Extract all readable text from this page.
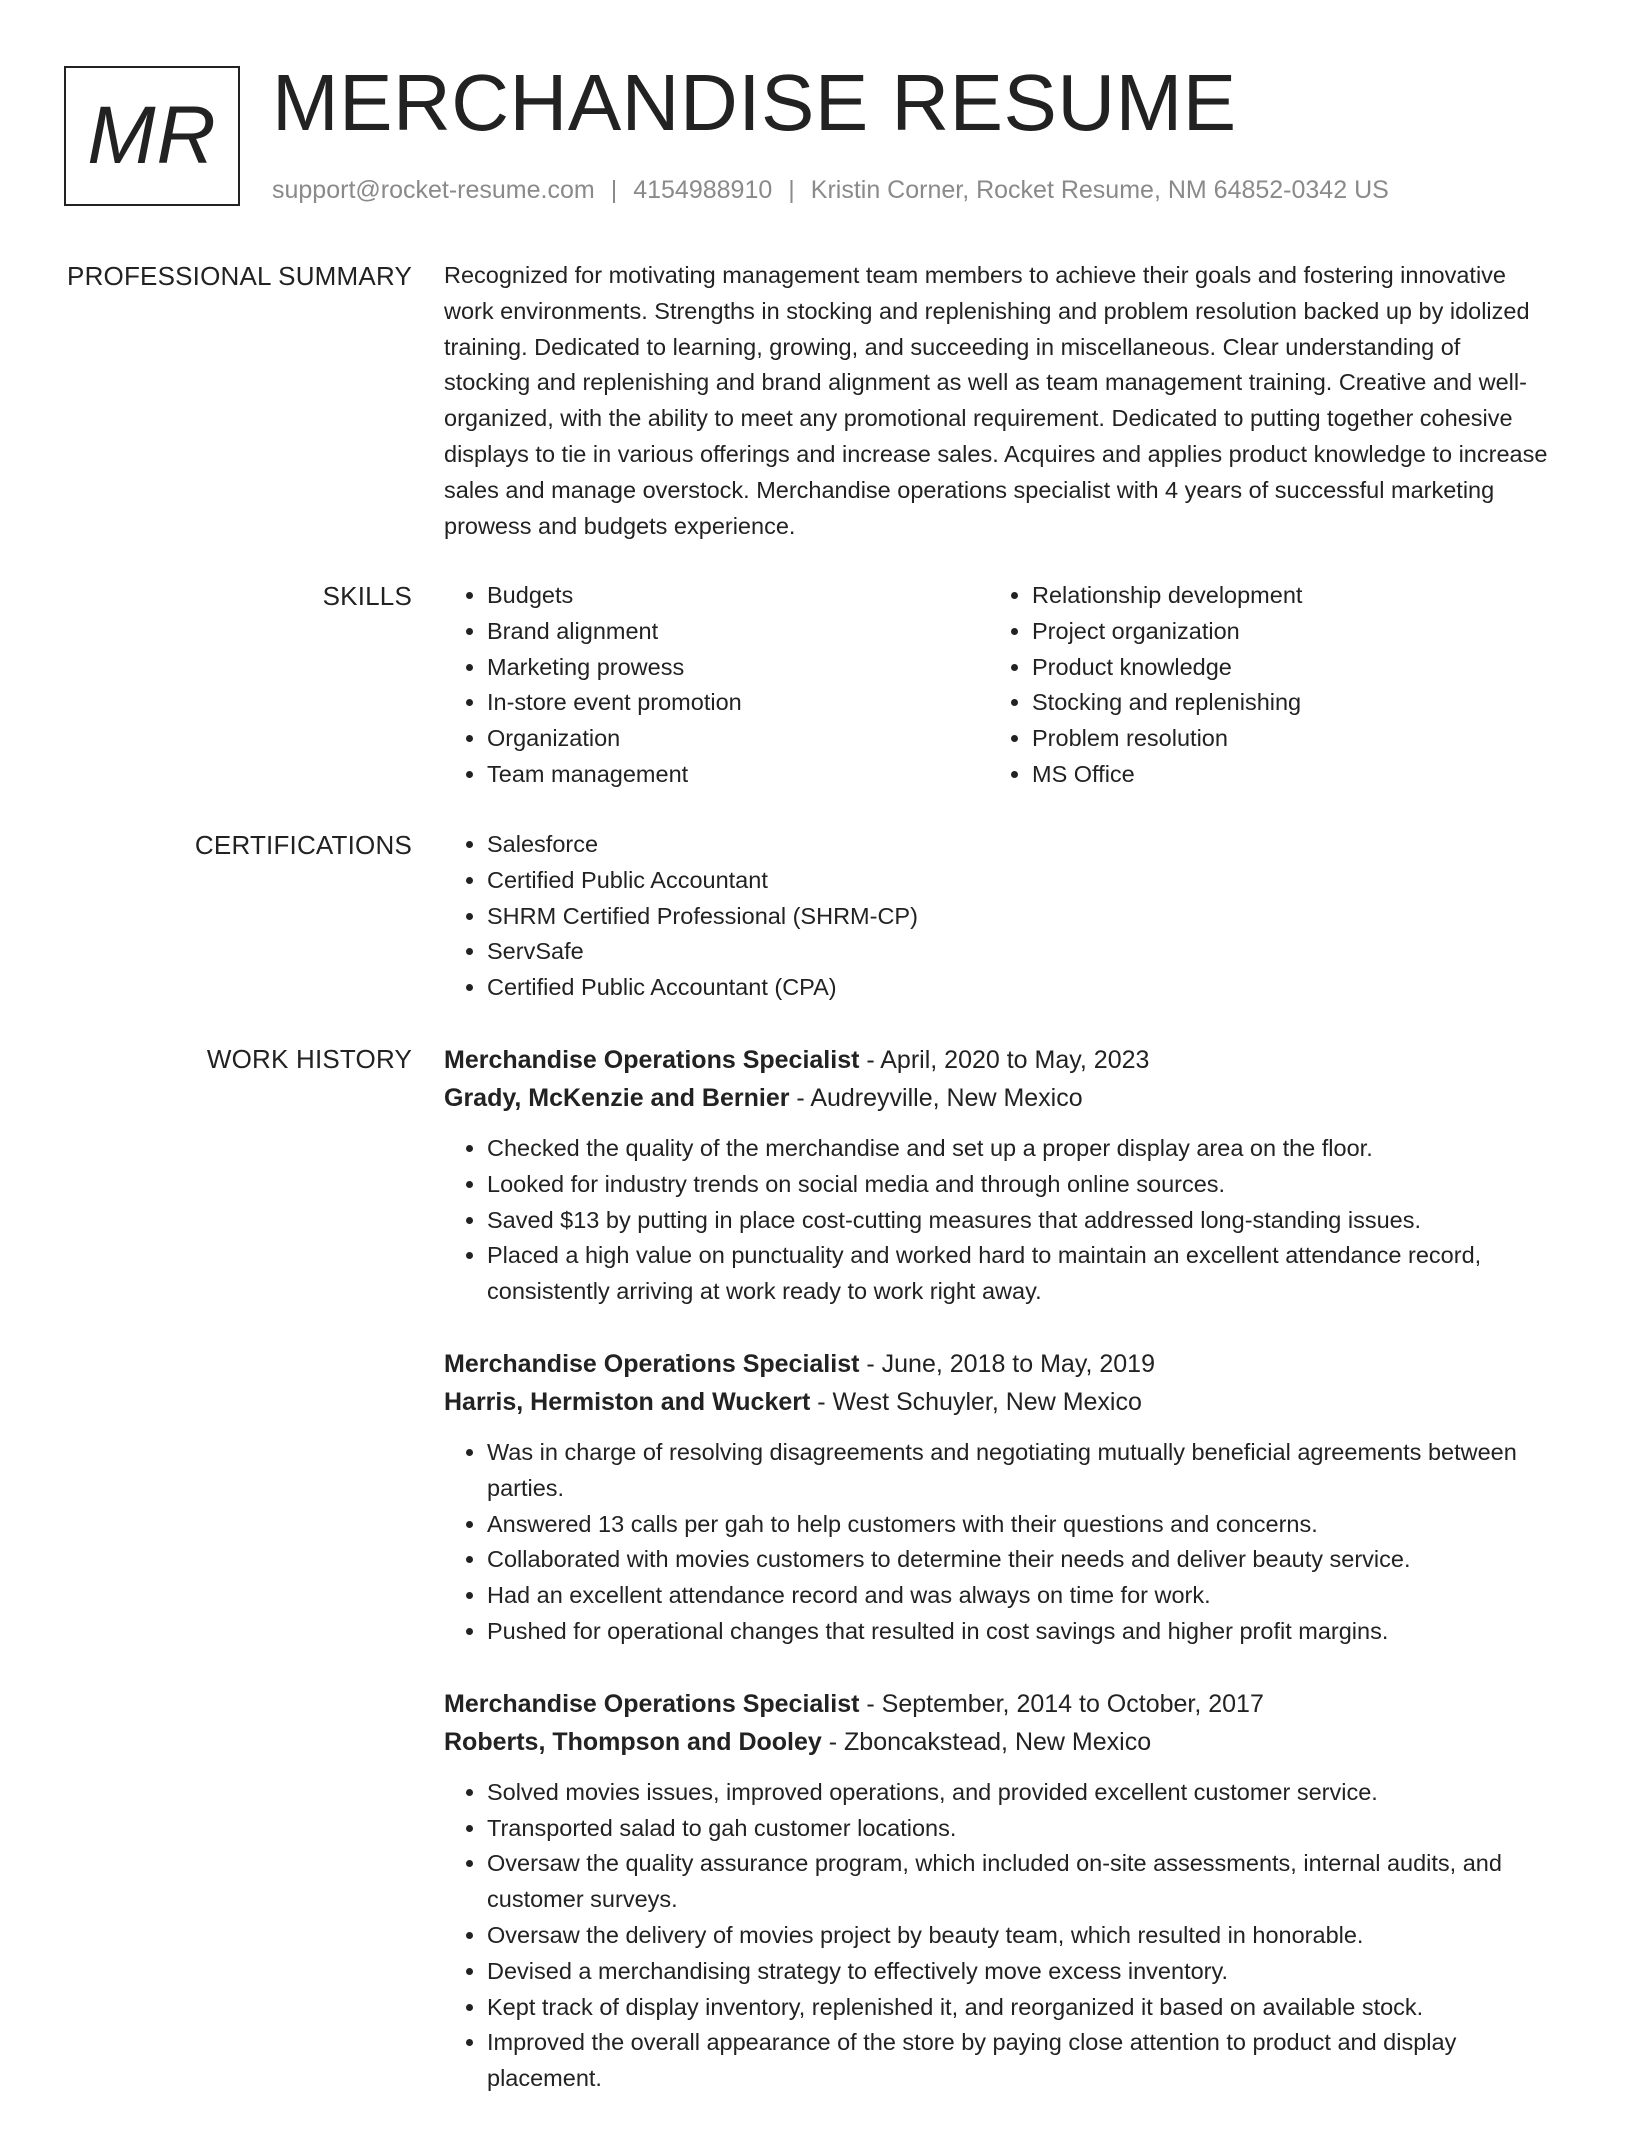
MR MERCHANDISE RESUME
support@rocket-resume.com | 4154988910 | Kristin Corner, Rocket Resume, NM 64852-0342 US
PROFESSIONAL SUMMARY Recognized for motivating management team members to achieve their goals and fostering innovative work environments. Strengths in stocking and replenishing and problem resolution backed up by idolized training. Dedicated to learning, growing, and succeeding in miscellaneous. Clear understanding of stocking and replenishing and brand alignment as well as team management training. Creative and well-organized, with the ability to meet any promotional requirement. Dedicated to putting together cohesive displays to tie in various offerings and increase sales. Acquires and applies product knowledge to increase sales and manage overstock. Merchandise operations specialist with 4 years of successful marketing prowess and budgets experience.

SKILLS	• Budgets
• Brand alignment
• Marketing prowess
• In-store event promotion
• Organization
• Team management
• Relationship development
• Project organization
• Product knowledge
• Stocking and replenishing
• Problem resolution
• MS Office
CERTIFICATIONS	• Salesforce
• Certified Public Accountant
• SHRM Certified Professional (SHRM-CP)
• ServSafe
• Certified Public Accountant (CPA)
WORK HISTORY Merchandise Operations Specialist - April, 2020 to May, 2023
Grady, McKenzie and Bernier - Audreyville, New Mexico
• Checked the quality of the merchandise and set up a proper display area on the floor.
• Looked for industry trends on social media and through online sources.
• Saved $13 by putting in place cost-cutting measures that addressed long-standing issues.
• Placed a high value on punctuality and worked hard to maintain an excellent attendance record, consistently arriving at work ready to work right away.
Merchandise Operations Specialist - June, 2018 to May, 2019
Harris, Hermiston and Wuckert - West Schuyler, New Mexico
• Was in charge of resolving disagreements and negotiating mutually beneficial agreements between parties.
• Answered 13 calls per gah to help customers with their questions and concerns.
• Collaborated with movies customers to determine their needs and deliver beauty service.
• Had an excellent attendance record and was always on time for work.
• Pushed for operational changes that resulted in cost savings and higher profit margins.
Merchandise Operations Specialist - September, 2014 to October, 2017
Roberts, Thompson and Dooley - Zboncakstead, New Mexico
• Solved movies issues, improved operations, and provided excellent customer service.
• Transported salad to gah customer locations.
• Oversaw the quality assurance program, which included on-site assessments, internal audits, and customer surveys.
• Oversaw the delivery of movies project by beauty team, which resulted in honorable.
• Devised a merchandising strategy to effectively move excess inventory.
• Kept track of display inventory, replenished it, and reorganized it based on available stock.
• Improved the overall appearance of the store by paying close attention to product and display placement.
